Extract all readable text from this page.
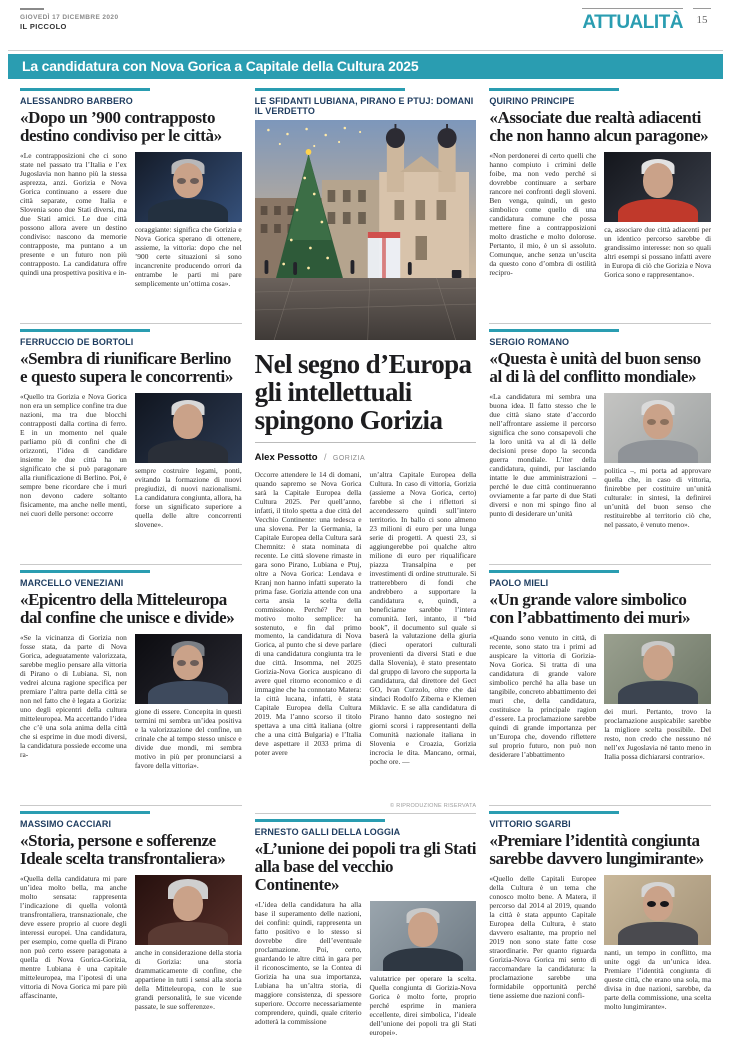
GIOVEDÌ 17 DICEMBRE 2020
IL PICCOLO	ATTUALITÀ	15
La candidatura con Nova Gorica a Capitale della Cultura 2025
ALESSANDRO BARBERO
«Dopo un ’900 contrapposto destino condiviso per le città»

«Le contrapposizioni che ci sono state nel passato tra l’Italia e l’ex Jugoslavia non hanno più la stessa asprezza, anzi. Gorizia e Nova Gorica continuano a essere due città separate, come Italia e Slovenia sono due Stati diversi, ma due Stati amici. Le due città possono allora avere un destino condiviso: nascono da memorie contrapposte, ma puntano a un presente e un futuro non più contrapposto. La candidatura offre quindi una prospettiva positiva e in-

coraggiante: significa che Gorizia e Nova Gorica sperano di ottenere, assieme, la vittoria: dopo che nel ’900 certe situazioni si sono incancrenite producendo orrori da entrambe le parti mi pare semplicemente un’ottima cosa».

FERRUCCIO DE BORTOLI
«Sembra di riunificare Berlino e questo supera le concorrenti»

«Quello tra Gorizia e Nova Gorica non era un semplice confine tra due nazioni, ma tra due blocchi contrapposti dalla cortina di ferro. E in un momento nel quale parliamo più di confini che di orizzonti, l’idea di candidare insieme le due città ha un significato che si può paragonare alla riunificazione di Berlino. Poi, è sempre bene ricordare che i muri non devono cadere soltanto fisicamente, ma anche nelle menti, nei cuori delle persone: occorre

sempre costruire legami, ponti, evitando la formazione di nuovi pregiudizi, di nuovi nazionalismi. La candidatura congiunta, allora, ha forse un significato superiore a quella delle altre concorrenti slovene».

MARCELLO VENEZIANI
«Epicentro della Mitteleuropa dal confine che unisce e divide»

«Se la vicinanza di Gorizia non fosse stata, da parte di Nova Gorica, adeguatamente valorizzata, sarebbe meglio pensare alla vittoria di Pirano o di Lubiana. Sì, non vedrei alcuna ragione specifica per premiare l’altra parte della città se non nel fatto che è legata a Gorizia: uno degli epicentri della cultura mitteleuropea. Ma accettando l’idea che c’è una sola anima della città che si esprime in due modi diversi, la candidatura possiede eccome una ra-

gione di essere. Concepita in questi termini mi sembra un’idea positiva e la valorizzazione del confine, un crinale che al tempo stesso unisce e divide due mondi, mi sembra motivo in più per pronunciarsi a favore della vittoria».

MASSIMO CACCIARI
«Storia, persone e sofferenze Ideale scelta transfrontaliera»

«Quella della candidatura mi pare un’idea molto bella, ma anche molto sensata: rappresenta l’indicazione di quella volontà transfrontaliera, transnazionale, che deve essere proprio al cuore degli interessi europei. Una candidatura, per esempio, come quella di Pirano non può certo essere paragonata a quella di Nova Gorica-Gorizia, mentre Lubiana è una capitale mitteleuropea, ma l’ipotesi di una vittoria di Nova Gorica mi pare più affascinante,

anche in considerazione della storia di Gorizia: una storia drammaticamente di confine, che appartiene in tutti i sensi alla storia della Mitteleuropa, con le sue grandi personalità, le sue vicende passate, le sue sofferenze».

LE SFIDANTI LUBIANA, PIRANO E PTUJ: DOMANI IL VERDETTO
Nel segno d’Europa gli intellettuali spingono Gorizia
Alex Pessotto / GORIZIA

Occorre attendere le 14 di domani, quando sapremo se Nova Gorica sarà la Capitale Europea della Cultura 2025. Per quell’anno, infatti, il titolo spetta a due città del Vecchio Continente: una tedesca e una slovena. Per la Germania, la Capitale Europea della Cultura sarà Chemnitz: è stata nominata di recente. Le città slovene rimaste in gara sono Pirano, Lubiana e Ptuj, oltre a Nova Gorica: Lendava e Kranj non hanno infatti superato la prima fase. Gorizia attende con una certa ansia la scelta della commissione. Perché? Per un motivo molto semplice: ha sostenuto, e fin dal primo momento, la candidatura di Nova Gorica, al punto che si deve parlare di una candidatura congiunta tra le due città. Insomma, nel 2025 Gorizia-Nova Gorica auspicano di avere quel ritorno economico e di immagine che ha connotato Matera: la città lucana, infatti, è stata Capitale Europea della Cultura 2019. Ma l’anno scorso il titolo spettava a una città italiana (oltre che a una città Bulgaria) e l’Italia deve aspettare il 2033 prima di poter avere

un’altra Capitale Europea della Cultura. In caso di vittoria, Gorizia (assieme a Nova Gorica, certo) farebbe sì che i riflettori si accendessero quindi sull’intero territorio. In ballo ci sono almeno 23 milioni di euro per una lunga serie di progetti. A questi 23, si aggiungerebbe poi qualche altro milione di euro per riqualificare piazza Transalpina e per investimenti di ordine strutturale. Si tratterebbero di fondi che andrebbero a supportare la candidatura e, quindi, a beneficiarne sarebbe l’intera comunità. Ieri, intanto, il “bid book”, il documento sul quale si baserà la valutazione della giuria (dieci operatori culturali provenienti da diversi Stati e due dalla Slovenia), è stato presentato dal gruppo di lavoro che supporta la candidatura, dal direttore del Gect GO, Ivan Curzolo, oltre che dai sindaci Rodolfo Ziberna e Klemen Miklavic. E se alla candidatura di Pirano hanno dato sostegno nei giorni scorsi i rappresentanti della Comunità nazionale italiana in Slovenia e Croazia, Gorizia incrocia le dita. Mancano, ormai, poche ore. —

© RIPRODUZIONE RISERVATA
ERNESTO GALLI DELLA LOGGIA
«L’unione dei popoli tra gli Stati alla base del vecchio Continente»

«L’idea della candidatura ha alla base il superamento delle nazioni, dei confini: quindi, rappresenta un fatto positivo e lo stesso si dovrebbe dire dell’eventuale proclamazione. Poi, certo, guardando le altre città in gara per il riconoscimento, se la Contea di Gorizia ha una sua importanza, Lubiana ha un’altra storia, di maggiore consistenza, di spessore superiore. Occorre necessariamente comprendere, quindi, quale criterio adotterà la commissione

valutatrice per operare la scelta. Quella congiunta di Gorizia-Nova Gorica è molto forte, proprio perché esprime in maniera eccellente, direi simbolica, l’ideale dell’unione dei popoli tra gli Stati europei».

QUIRINO PRINCIPE
«Associate due realtà adiacenti che non hanno alcun paragone»

«Non perdonerei di certo quelli che hanno compiuto i crimini delle foibe, ma non vedo perché si dovrebbe continuare a serbare rancore nei confronti degli sloveni. Ben venga, quindi, un gesto simbolico come quello di una candidatura comune che possa mettere fine a contrapposizioni molto drastiche e molto dolorose. Pertanto, il mio, è un sì assoluto. Comunque, anche senza un’uscita da questo cono d’ombra di ostilità recipro-

ca, associare due città adiacenti per un identico percorso sarebbe di grandissimo interesse: non so quali altri esempi si possano infatti avere in Europa di ciò che Gorizia e Nova Gorica sono e rappresentano».

SERGIO ROMANO
«Questa è unità del buon senso al di là del conflitto mondiale»

«La candidatura mi sembra una buona idea. Il fatto stesso che le due città siano state d’accordo nell’affrontare assieme il percorso significa che sono consapevoli che la loro unità va al di là delle decisioni prese dopo la seconda guerra mondiale. L’iter della candidatura, quindi, pur lasciando intatte le due amministrazioni – perché le due città continueranno ovviamente a far parte di due Stati diversi e non mi spingo fino al punto di desiderare un’unità

politica –, mi porta ad approvare quella che, in caso di vittoria, finirebbe per costituire un’unità culturale: in sintesi, la definirei un’unità del buon senso che restituirebbe al territorio ciò che, nel passato, è venuto meno».

PAOLO MIELI
«Un grande valore simbolico con l’abbattimento dei muri»

«Quando sono venuto in città, di recente, sono stato tra i primi ad auspicare la vittoria di Gorizia-Nova Gorica. Si tratta di una candidatura di grande valore simbolico perché ha alla base un tangibile, concreto abbattimento dei muri che, della candidatura, costituisce la principale ragion d’essere. La proclamazione sarebbe quindi di grande importanza per un’Europa che, dovendo riflettere sul proprio futuro, non può non desiderare l’abbattimento

dei muri. Pertanto, trovo la proclamazione auspicabile: sarebbe la migliore scelta possibile. Del resto, non credo che nessuno né nell’ex Jugoslavia né tanto meno in Italia possa dichiararsi contrario».

VITTORIO SGARBI
«Premiare l’identità congiunta sarebbe davvero lungimirante»

«Quello delle Capitali Europee della Cultura è un tema che conosco molto bene. A Matera, il percorso dal 2014 al 2019, quando la città è stata appunto Capitale Europea della Cultura, è stato davvero esaltante, ma proprio nel 2019 non sono state fatte cose straordinarie. Per quanto riguarda Gorizia-Nova Gorica mi sento di raccomandare la candidatura: la proclamazione sarebbe una formidabile opportunità perché tiene assieme due nazioni confi-

nanti, un tempo in conflitto, ma unite oggi da un’unica idea. Premiare l’identità congiunta di queste città, che erano una sola, ma divisa in due nazioni, sarebbe, da parte della commissione, una scelta molto lungimirante».
